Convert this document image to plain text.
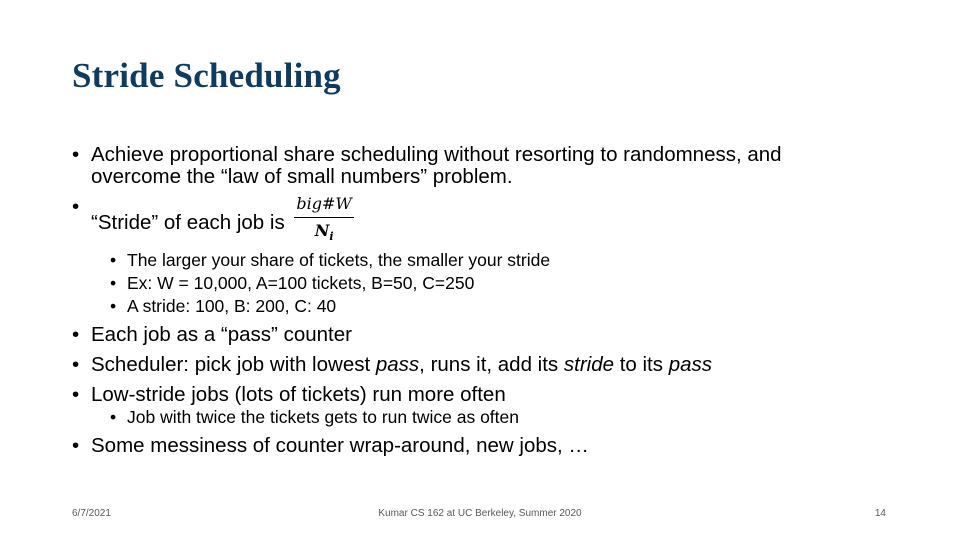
Stride Scheduling
• Achieve proportional share scheduling without resorting to randomness, and overcome the “law of small numbers” problem.
• “Stride” of each job is $\frac{\text{big\#W}}{N_i}$
• The larger your share of tickets, the smaller your stride
• Ex: W = 10,000, A=100 tickets, B=50, C=250
• A stride: 100, B: 200, C: 40
• Each job as a “pass” counter
• Scheduler: pick job with lowest pass, runs it, add its stride to its pass
• Low-stride jobs (lots of tickets) run more often
• Job with twice the tickets gets to run twice as often
• Some messiness of counter wrap-around, new jobs, …
6/7/2021	Kumar CS 162 at UC Berkeley, Summer 2020	14
